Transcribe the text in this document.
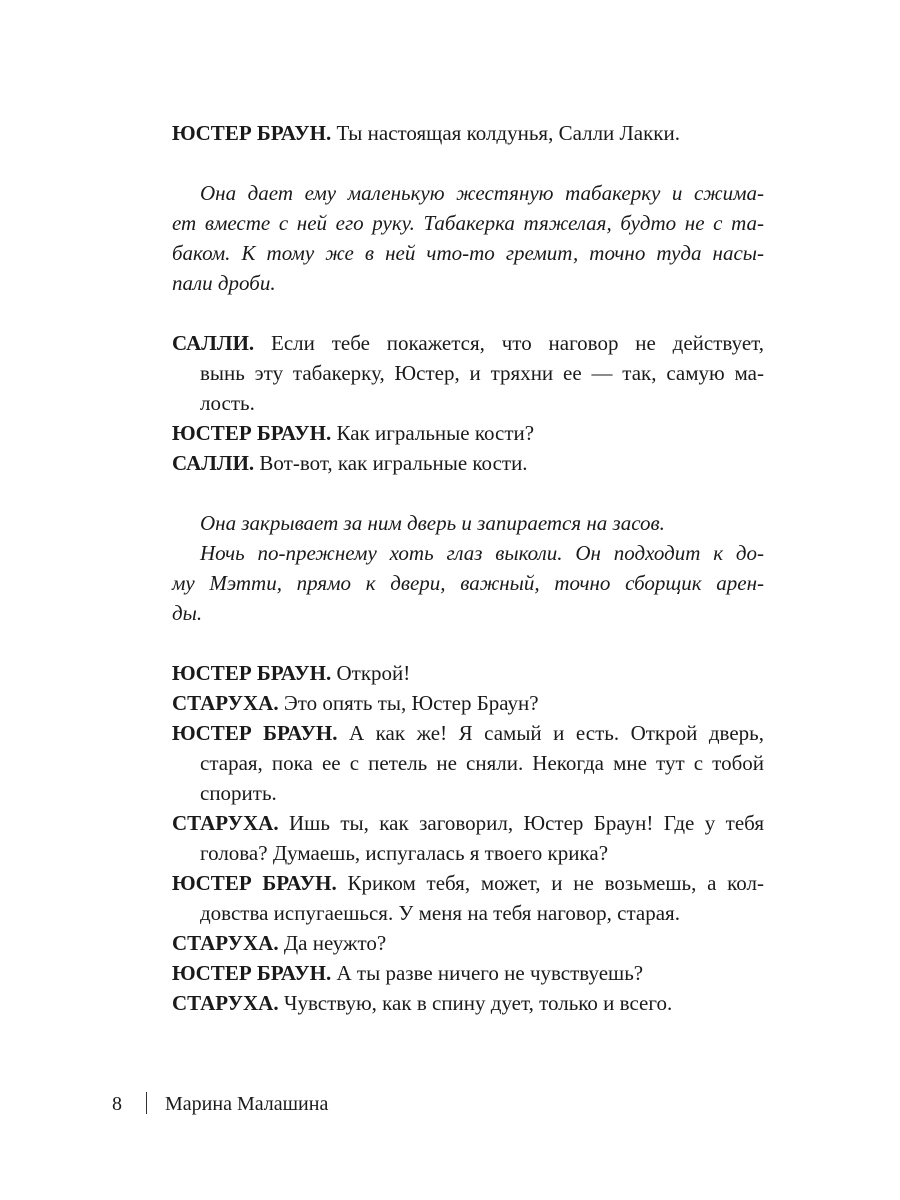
ЮСТЕР БРАУН. Ты настоящая колдунья, Салли Лакки.
Она дает ему маленькую жестяную табакерку и сжима-
ет вместе с ней его руку. Табакерка тяжелая, будто не с та-
баком. К тому же в ней что-то гремит, точно туда насы-
пали дроби.
САЛЛИ. Если тебе покажется, что наговор не действует,
вынь эту табакерку, Юстер, и тряхни ее — так, самую ма-
лость.
ЮСТЕР БРАУН. Как игральные кости?
САЛЛИ. Вот-вот, как игральные кости.
Она закрывает за ним дверь и запирается на засов.
Ночь по-прежнему хоть глаз выколи. Он подходит к до-
му Мэтти, прямо к двери, важный, точно сборщик арен-
ды.
ЮСТЕР БРАУН. Открой!
СТАРУХА. Это опять ты, Юстер Браун?
ЮСТЕР БРАУН. А как же! Я самый и есть. Открой дверь,
старая, пока ее с петель не сняли. Некогда мне тут с тобой
спорить.
СТАРУХА. Ишь ты, как заговорил, Юстер Браун! Где у тебя
голова? Думаешь, испугалась я твоего крика?
ЮСТЕР БРАУН. Криком тебя, может, и не возьмешь, а кол-
довства испугаешься. У меня на тебя наговор, старая.
СТАРУХА. Да неужто?
ЮСТЕР БРАУН. А ты разве ничего не чувствуешь?
СТАРУХА. Чувствую, как в спину дует, только и всего.
8 Марина Малашина
